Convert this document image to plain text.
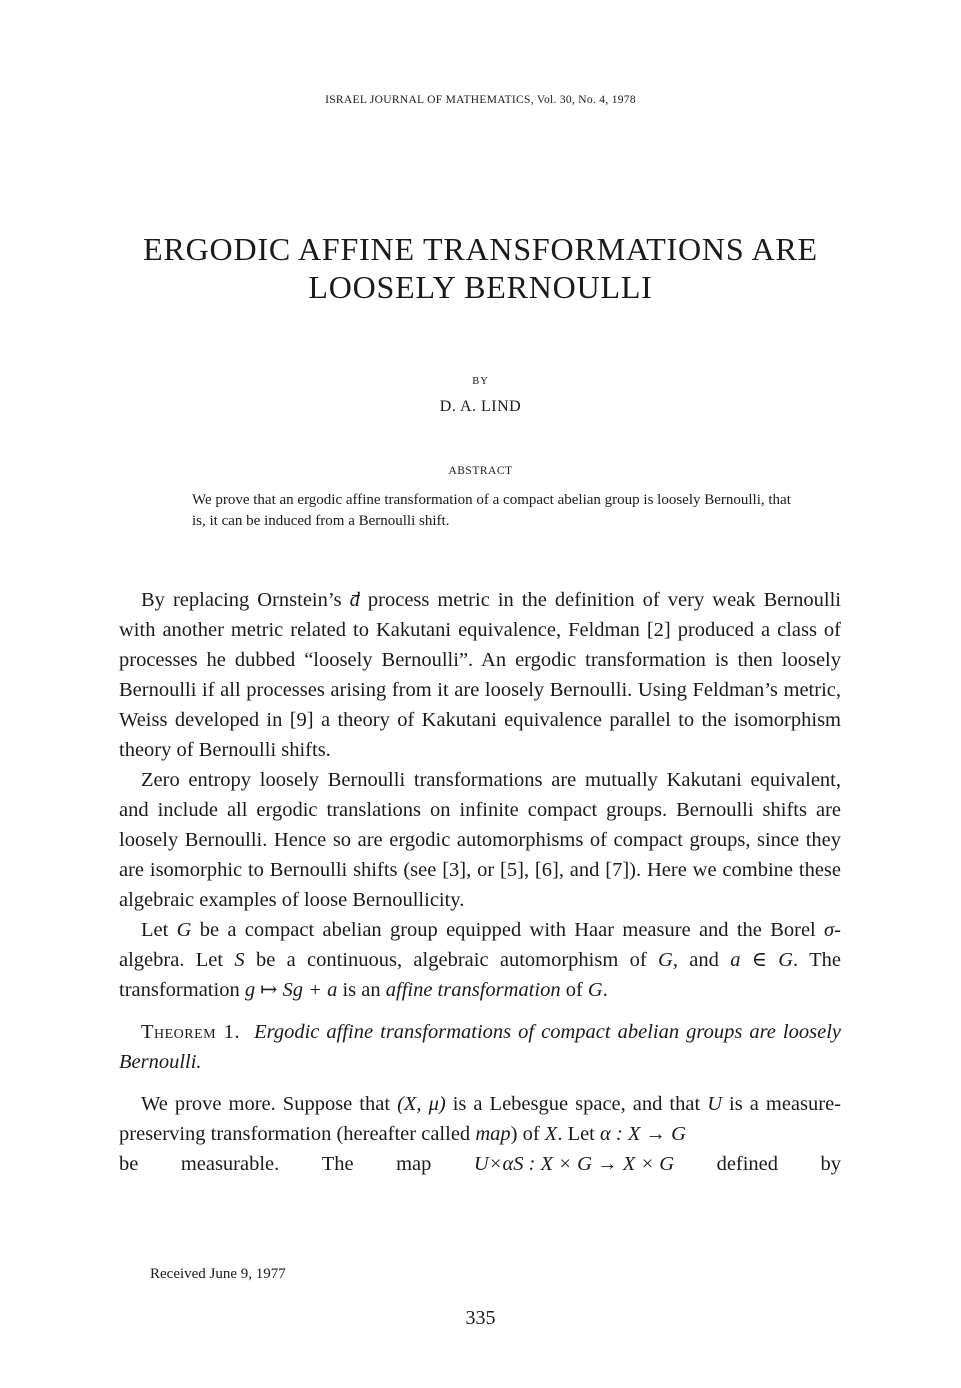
ISRAEL JOURNAL OF MATHEMATICS, Vol. 30, No. 4, 1978
ERGODIC AFFINE TRANSFORMATIONS ARE
LOOSELY BERNOULLI
BY
D. A. LIND
ABSTRACT
We prove that an ergodic affine transformation of a compact abelian group is loosely Bernoulli, that is, it can be induced from a Bernoulli shift.

By replacing Ornstein’s d process metric in the definition of very weak Bernoulli with another metric related to Kakutani equivalence, Feldman [2] produced a class of processes he dubbed “loosely Bernoulli”. An ergodic transformation is then loosely Bernoulli if all processes arising from it are loosely Bernoulli. Using Feldman’s metric, Weiss developed in [9] a theory of Kakutani equivalence parallel to the isomorphism theory of Bernoulli shifts.

Zero entropy loosely Bernoulli transformations are mutually Kakutani equivalent, and include all ergodic translations on infinite compact groups. Bernoulli shifts are loosely Bernoulli. Hence so are ergodic automorphisms of compact groups, since they are isomorphic to Bernoulli shifts (see [3], or [5], [6], and [7]). Here we combine these algebraic examples of loose Bernoullicity.

Let G be a compact abelian group equipped with Haar measure and the Borel σ-algebra. Let S be a continuous, algebraic automorphism of G, and a ∈ G. The transformation g ↦ Sg + a is an affine transformation of G.

Theorem 1. Ergodic affine transformations of compact abelian groups are loosely Bernoulli.

We prove more. Suppose that (X, μ) is a Lebesgue space, and that U is a measure-preserving transformation (hereafter called map) of X. Let α : X → G

be measurable. The map U×αS : X × G → X × G defined by
Received June 9, 1977
335
